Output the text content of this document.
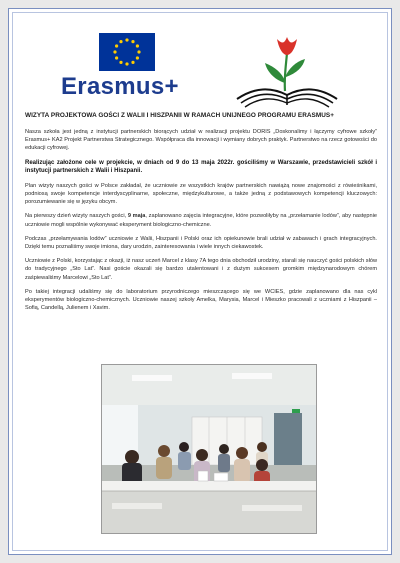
Erasmus+
WIZYTA PROJEKTOWA GOŚCI Z WALII I HISZPANII W RAMACH UNIJNEGO PROGRAMU ERASMUS+

Nasza szkoła jest jedną z instytucji partnerskich biorących udział w realizacji projektu DORIS „Doskonalimy i łączymy cyfrowe szkoły” Erasmus+ KA2 Projekt Partnerstwa Strategicznego. Współpraca dla innowacji i wymiany dobrych praktyk. Partnerstwo na rzecz gotowości do edukacji cyfrowej.

Realizując założone cele w projekcie, w dniach od 9 do 13 maja 2022r. gościliśmy w Warszawie, przedstawicieli szkół i instytucji partnerskich z Walii i Hiszpanii.

Plan wizyty naszych gości w Polsce zakładał, że uczniowie ze wszystkich krajów partnerskich nawiążą nowe znajomości z rówieśnikami, podniosą swoje kompetencje interdyscyplinarne, społeczne, międzykulturowe, a także jedną z podstawowych kompetencji kluczowych: porozumiewanie się w języku obcym.

Na pierwszy dzień wizyty naszych gości, 9 maja, zaplanowano zajęcia integracyjne, które pozwoliłyby na „przełamanie lodów”, aby następnie uczniowie mogli wspólnie wykonywać eksperyment biologiczno-chemiczne.

Podczas „przełamywania lodów” uczniowie z Walii, Hiszpanii i Polski oraz ich opiekunowie brali udział w zabawach i grach integracyjnych. Dzięki temu poznaliśmy swoje imiona, dary urodzin, zainteresowania i wiele innych ciekawostek.

Uczniowie z Polski, korzystając z okazji, iż nasz uczeń Marcel z klasy 7A tego dnia obchodził urodziny, starali się nauczyć gości polskich słów do tradycyjnego „Sto Lat”. Nasi goście okazali się bardzo utalentowani i z dużym sukcesem gromkim międzynarodowym chórem zaśpiewaliśmy Marcelowi „Sto Lat”.

Po takiej integracji udaliśmy się do laboratorium przyrodniczego mieszczącego się we WCIES, gdzie zaplanowano dla nas cykl eksperymentów biologiczno-chemicznych. Uczniowie naszej szkoły Amelka, Marysia, Marcel i Mieszko pracowali z uczniami z Hiszpanii – Sofią, Candellą, Julienem i Xavim.
